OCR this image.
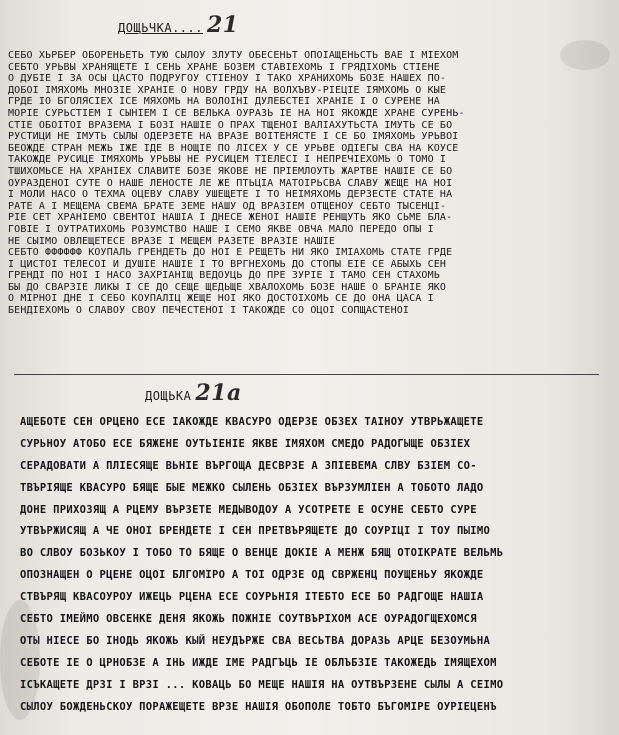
ДОЩЬЧКА.... 21
СЕБО ХЬРБЕР ОБОРЕНЬЕТЬ ТУЮ СЫЛОУ ЗЛУТУ ОБЕСЕНЬТ ОПОІАЩЕНЬСТЬ ВАЕ І МІЕХОМ
СЕБТО УРЬВЫ ХРАНЯЩЕТЕ І СЕНЬ ХРАНЕ БОЗЕМ СТАВІЕХОМЬ І ГРЯДІХОМЬ СТІЕНЕ
О ДУБІЕ І ЗА ОСЫ ЦАСТО ПОДРУГОУ СТІЕНОУ І ТАКО ХРАНИХОМЬ БОЗЕ НАШЕХ ПО-
ДОБОІ ІМЯХОМЬ МНОЗІЕ ХРАНІЕ О НОВУ ГРДУ НА ВОЛХЪВУ-РІЕЦІЕ ІЯМХОМЬ О КЫЕ
ГРДЕ ІО БГОЛЯСІЕХ ІСЕ МЯХОМЬ НА ВОЛОІНІ ДУЛЕБСТЕІ ХРАНІЕ І О СУРЕНЕ НА
МОРІЕ СУРЬСТІЕМ І СЫНІЕМ І СЕ ВЕЛЬКА ОУРАЗЬ ІЕ НА НОІ ЯКОЖДЕ ХРАНЕ СУРЕНЬ-
СТІЕ ОБОІТОІ ВРАЗЕМА І БОЗІ НАШІЕ О ПРАХ ТЩЕНОІ ВАЛІАХУТЬСТА ІМУТЬ СЕ БО
РУСТИЦИ НЕ ІМУТЬ СЫЛЫ ОДЕРЗЕТЕ НА ВРАЗЕ ВОІТЕНЯСТЕ І СЕ БО ІМЯХОМЬ УРЬВОІ
БЕОЖДЕ СТРАН МЕЖЬ ІЖЕ ІДЕ В НОЩІЕ ПО ЛІСЕХ У СЕ УРЬВЕ ОДІЕГЫ СВА НА КОУСЕ
ТАКОЖДЕ РУСИЦЕ ІМЯХОМЬ УРЬВЫ НЕ РУСИЦЕМ ТІЕЛЕСІ І НЕПРЕЧІЕХОМЬ О ТОМО І
ТШИХОМЬСЕ НА ХРАНІЕХ СЛАВИТЕ БОЗЕ ЯКОВЕ НЕ ПРІЕМЛОУТЬ ЖАРТВЕ НАШІЕ СЕ БО
ОУРАЗДЕНОІ СУТЕ О НАШЕ ЛЕНОСТЕ ЛЕ ЖЕ ПТЬЦІА МАТОІРЬСВА СЛАВУ ЖЕЩЕ НА НОІ
І МОЛИ НАСО О ТЕХМА ОЦЕВУ СЛАВУ УШЕЩЕТЕ І ТО НЕІМЯХОМЬ ДЕРЗЕСТЕ СТАТЕ НА
РАТЕ А І МЕЩЕМА СВЕМА БРАТЕ ЗЕМЕ НАШУ ОД ВРАЗІЕМ ОТЩЕНОУ СЕБТО ТЫСЕНЦІ-
РІЕ СЕТ ХРАНІЕМО СВЕНТОІ НАШІА І ДНЕСЕ ЖЕНОІ НАШІЕ РЕНЩУТЬ ЯКО СЬМЕ БЛА-
ГОВІЕ І ОУТРАТИХОМЬ РОЗУМСТВО НАШЕ І СЕМО ЯКВЕ ОВЧА МАЛО ПЕРЕДО ОПЫ І
НЕ СЫІМО ОВЛЕЩЕТЕСЕ ВРАЗЕ І МЕЩЕМ РАЗЕТЕ ВРАЗІЕ НАШІЕ
СЕБТО ФФФФФФ КОУПАЛЬ ГРЕНДЕТЬ ДО НОІ Е РЕЩЕТЬ НИ ЯКО ІМІАХОМЬ СТАТЕ ГРДЕ
І ЦИСТОІ ТЕЛЕСОІ И ДУШІЕ НАШІЕ І ТО ВРГНЕХОМЬ ДО СТОПЫ ЕІЕ СЕ АБЫХЬ СЕН
ГРЕНДІ ПО НОІ І НАСО ЗАХРІАНІЩ ВЕДОУЦЬ ДО ПРЕ ЗУРІЕ І ТАМО СЕН СТАХОМЬ
БЫ ДО СВАРЗІЕ ЛИКЫ І СЕ ДО СЕЩЕ ЩЕДЬЩЕ ХВАЛОХОМЬ БОЗЕ НАШЕ О БРАНІЕ ЯКО
О МІРНОІ ДНЕ І СЕБО КОУПАЛІЦ ЖЕЩЕ НОІ ЯКО ДОСТОІХОМЬ СЕ ДО ОНА ЦАСА І
БЕНДІЕХОМЬ О СЛАВОУ СВОУ ПЕЧЕСТЕНОІ І ТАКОЖДЕ СО ОЦОІ СОПЩАСТЕНОІ
ДОЩЬКА 21a
АЩЕБОТЕ СЕН ОРЦЕНО ЕСЕ ІАКОЖДЕ КВАСУРО ОДЕРЗЕ ОБЗЕХ ТАІНОУ УТВРЬЖАЩЕТЕ
СУРЬНОУ АТОБО ЕСЕ БЯЖЕНЕ ОУТЬІЕНІЕ ЯКВЕ ІМЯХОМ СМЕДО РАДОГЫЩЕ ОБЗІЕХ
СЕРАДОВАТИ А ПЛІЕСЯЩЕ ВЬНІЕ ВЪРГОЩА ДЕСВРЗЕ А ЗПІЕВЕМА СЛВУ БЗІЕМ СО-
ТВЪРІЯЩЕ КВАСУРО БЯЩЕ БЫЕ МЕЖКО СЫЛЕНЬ ОБЗІЕХ ВЪРЗУМЛІЕН А ТОБОТО ЛАДО
ДОНЕ ПРИХОЗЯЩ А РЦЕМУ ВЪРЗЕТЕ МЕДЫВОДОУ А УСОТРЕТЕ Е ОСУНЕ СЕБТО СУРЕ
УТВЪРЖИСЯЩ А ЧЕ ОНОІ БРЕНДЕТЕ І СЕН ПРЕТВЪРЯЩЕТЕ ДО СОУРІЦІ І ТОУ ПЫІМО
ВО СЛВОУ БОЗЬКОУ І ТОБО ТО БЯЩЕ О ВЕНЦЕ ДОКІЕ А МЕНЖ БЯЩ ОТОІКРАТЕ ВЕЛЬМЬ
ОПОЗНАЩЕН О РЦЕНЕ ОЦОІ БЛГОМІРО А ТОІ ОДРЗЕ ОД СВРЖЕНЦ ПОУЩЕНЬУ ЯКОЖДЕ
СТВЪРЯЩ КВАСОУРОУ ИЖЕЦЬ РЦЕНА ЕСЕ СОУРЬНІЯ ІТЕБТО ЕСЕ БО РАДГОЩЕ НАШІА
СЕБТО ІМЕЙМО ОВСЕНКЕ ДЕНЯ ЯКОЖЬ ПОЖНІЕ СОУТВЪРІХОМ АСЕ ОУРАДОГЩЕХОМСЯ
ОТЫ НІЕСЕ БО ІНОДЬ ЯКОЖЬ КЫЙ НЕУДЪРЖЕ СВА ВЕСЬТВА ДОРАЗЬ АРЦЕ БЕЗОУМЬНА
СЕБОТЕ ІЕ О ЦРНОБЗЕ А ІНЬ ИЖДЕ ІМЕ РАДГЪЦЬ ІЕ ОБЛЪБЗІЕ ТАКОЖЕДЬ ІМЯЩЕХОМ
ІСЪКАЩЕТЕ ДРЗІ І ВРЗІ ... КОВАЦЬ БО МЕЩЕ НАШІЯ НА ОУТВЪРЗЕНЕ СЫЛЫ А СЕІМО
СЫЛОУ БОЖДЕНЬСКОУ ПОРАЖЕЩЕТЕ ВРЗЕ НАШІЯ ОБОПОЛЕ ТОБТО БЪГОМІРЕ ОУРІЕЦЕНЪ
